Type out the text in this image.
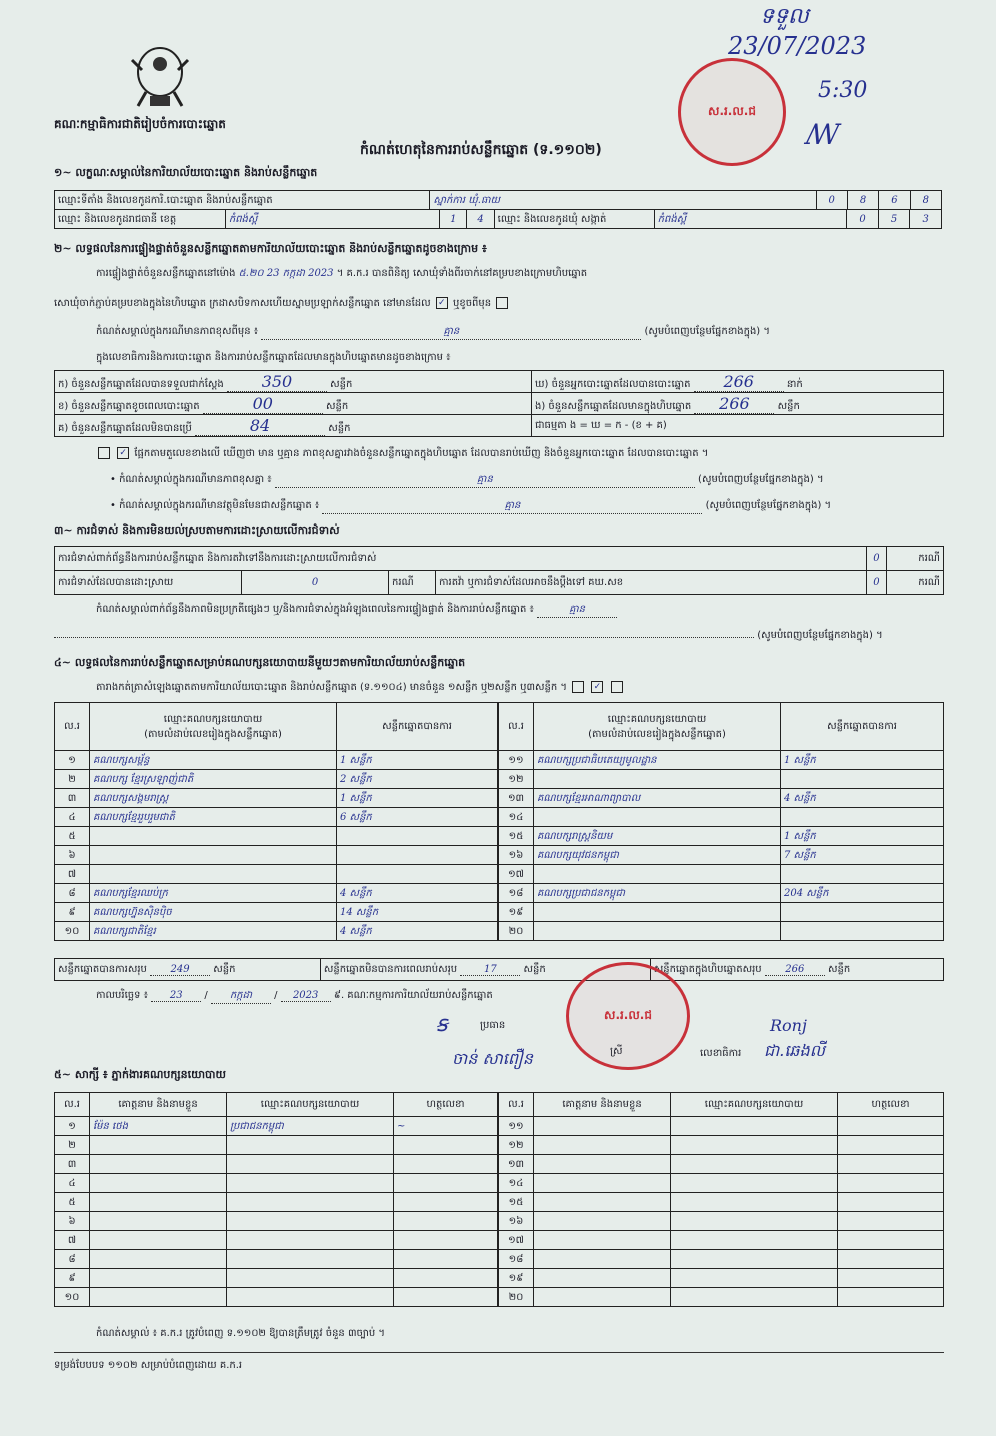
គណៈកម្មាធិការជាតិរៀបចំការបោះឆ្នោត
កំណត់ហេតុនៃការរាប់សន្លឹកឆ្នោត (ទ.១១០២)
ទទួល
23/07/2023
5:30
ꟿ
ស.រ.ល.ជ
១~ លក្ខណៈសម្គាល់នៃការិយាល័យបោះឆ្នោត និងរាប់សន្លឹកឆ្នោត
ឈ្មោះទីតាំង និងលេខកូដការិ.បោះឆ្នោត និងរាប់សន្លឹកឆ្នោត	ស្នាក់ការ ឃុំ.ធាយ	0	8	6	8
ឈ្មោះ និងលេខកូដរាជធានី ខេត្ត	កំពង់ស្ពឺ	1	4	ឈ្មោះ និងលេខកូដឃុំ សង្កាត់	កំពង់ស្ពឺ	0	5	3
២~ លទ្ធផលនៃការផ្ទៀងផ្ទាត់ចំនួនសន្លឹកឆ្នោតតាមការិយាល័យបោះឆ្នោត និងរាប់សន្លឹកឆ្នោតដូចខាងក្រោម ៖
ការផ្ទៀងផ្ទាត់ចំនួនសន្លឹកឆ្នោតនៅម៉ោង ៥.២០ 23 កក្កដា 2023 ។ គ.ក.រ បានពិនិត្យ សោឃុំទាំងពីរចាក់នៅគម្របខាងក្រោមហិបឆ្នោត
សោឃុំចាក់ភ្ជាប់គម្របខាងក្នុងនៃហិបឆ្នោត ក្រដាសបិទកាសហើយស្នាមប្រឡាក់សន្លឹកឆ្នោត នៅមានដែល ✓ ឬខូចពីមុន
កំណត់សម្គាល់ក្នុងករណីមានភាពខុសពីមុន ៖	គ្មាន	(សូមបំពេញបន្ថែមផ្នែកខាងក្នុង) ។
ក្នុងលេខាធិការនិងការបោះឆ្នោត និងការរាប់សន្លឹកឆ្នោតដែលមានក្នុងហិបឆ្នោតមានដូចខាងក្រោម ៖
ក) ចំនួនសន្លឹកឆ្នោតដែលបានទទួលជាក់ស្ដែង 350 សន្លឹក	ឃ) ចំនួនអ្នកបោះឆ្នោតដែលបានបោះឆ្នោត 266 នាក់
ខ) ចំនួនសន្លឹកឆ្នោតខូចពេលបោះឆ្នោត 00 សន្លឹក	ង) ចំនួនសន្លឹកឆ្នោតដែលមានក្នុងហិបឆ្នោត 266 សន្លឹក
គ) ចំនួនសន្លឹកឆ្នោតដែលមិនបានប្រើ 84 សន្លឹក	ជាធម្មតា ង = ឃ = ក - (ខ + គ)
✓ ផ្អែកតាមតួលេខខាងលើ ឃើញថា មាន ឬគ្មាន ភាពខុសគ្នារវាងចំនួនសន្លឹកឆ្នោតក្នុងហិបឆ្នោត ដែលបានរាប់ឃើញ និងចំនួនអ្នកបោះឆ្នោត ដែលបានបោះឆ្នោត ។
• កំណត់សម្គាល់ក្នុងករណីមានភាពខុសគ្នា ៖	គ្មាន	(សូមបំពេញបន្ថែមផ្នែកខាងក្នុង) ។
• កំណត់សម្គាល់ក្នុងករណីមានវត្ថុមិនមែនជាសន្លឹកឆ្នោត ៖	គ្មាន	(សូមបំពេញបន្ថែមផ្នែកខាងក្នុង) ។
៣~ ការជំទាស់ និងការមិនយល់ស្របតាមការដោះស្រាយលើការជំទាស់
ការជំទាស់ពាក់ព័ន្ធនឹងការរាប់សន្លឹកឆ្នោត និងការតវ៉ាទៅនឹងការដោះស្រាយលើការជំទាស់				0	ករណី
ការជំទាស់ដែលបានដោះស្រាយ	0	ករណី	ការតវ៉ា ឬការជំទាស់ដែលអាចនឹងប្ដឹងទៅ គឃ.សខ	0	ករណី
កំណត់សម្គាល់ពាក់ព័ន្ធនឹងភាពមិនប្រក្រតីផ្សេងៗ ឬ/និងការជំទាស់ក្នុងអំឡុងពេលនៃការផ្ទៀងផ្ទាត់ និងការរាប់សន្លឹកឆ្នោត ៖	គ្មាន
(សូមបំពេញបន្ថែមផ្នែកខាងក្នុង) ។
៤~ លទ្ធផលនៃការរាប់សន្លឹកឆ្នោតសម្រាប់គណបក្សនយោបាយនីមួយៗតាមការិយាល័យរាប់សន្លឹកឆ្នោត
តារាងកត់ត្រាសំឡេងឆ្នោតតាមការិយាល័យបោះឆ្នោត និងរាប់សន្លឹកឆ្នោត (ទ.១១០៤) មានចំនួន ១សន្លឹក ឬ២សន្លឹក ឬ៣សន្លឹក ។	✓
ល.រ	ឈ្មោះគណបក្សនយោបាយ
(តាមលំដាប់លេខរៀងក្នុងសន្លឹកឆ្នោត)	សន្លឹកឆ្នោតបានការ
១	គណបក្សសម្ព័ន្ធ	1 សន្លឹក
២	គណបក្ស ខ្មែរស្រឡាញ់ជាតិ	2 សន្លឹក
៣	គណបក្សសង្គមរាស្ត្រ	1 សន្លឹក
៤	គណបក្សខ្មែររួបរួមជាតិ	6 សន្លឹក
៥		
៦		
៧		
៨	គណបក្សខ្មែរឈប់ក្រ	4 សន្លឹក
៩	គណបក្សហ្វ៊ុនស៊ិនប៉ិច	14 សន្លឹក
១០	គណបក្សជាតិខ្មែរ	4 សន្លឹក
ល.រ	ឈ្មោះគណបក្សនយោបាយ
(តាមលំដាប់លេខរៀងក្នុងសន្លឹកឆ្នោត)	សន្លឹកឆ្នោតបានការ
១១	គណបក្សប្រជាធិបតេយ្យមូលដ្ឋាន	1 សន្លឹក
១២		
១៣	គណបក្សខ្មែរអាណាព្យាបាល	4 សន្លឹក
១៤		
១៥	គណបក្សរាស្ត្រនិយម	1 សន្លឹក
១៦	គណបក្សយុវជនកម្ពុជា	7 សន្លឹក
១៧		
១៨	គណបក្សប្រជាជនកម្ពុជា	204 សន្លឹក
១៩		
២០		
សន្លឹកឆ្នោតបានការសរុប 249 សន្លឹក	សន្លឹកឆ្នោតមិនបានការពេលរាប់សរុប	17	សន្លឹក	សន្លឹកឆ្នោតក្នុងហិបឆ្នោតសរុប 266 សន្លឹក
កាលបរិច្ឆេទ ៖ 23 / កក្កដា / 2023 ៩. គណៈកម្មការការិយាល័យរាប់សន្លឹកឆ្នោត
ស.រ.ល.ជ
ꞩ	ប្រធាន
ចាន់ សាពឿន	ស្រី
Ronj
លេខាធិការ ជា.ឆេងលី
៥~ សាក្សី ៖ ភ្នាក់ងារគណបក្សនយោបាយ
ល.រ	គោត្តនាម និងនាមខ្លួន	ឈ្មោះគណបក្សនយោបាយ	ហត្ថលេខា
១	ម៉ែន ថេង	ប្រជាជនកម្ពុជា	~
២			
៣			
៤			
៥			
៦			
៧			
៨			
៩			
១០			
ល.រ	គោត្តនាម និងនាមខ្លួន	ឈ្មោះគណបក្សនយោបាយ	ហត្ថលេខា
១១			
១២			
១៣			
១៤			
១៥			
១៦			
១៧			
១៨			
១៩			
២០			
កំណត់សម្គាល់ ៖ គ.ក.រ ត្រូវបំពេញ ទ.១១០២ ឱ្យបានត្រឹមត្រូវ ចំនួន ៣ច្បាប់ ។
ទម្រង់បែបបទ ១១០២ សម្រាប់បំពេញដោយ គ.ក.រ
